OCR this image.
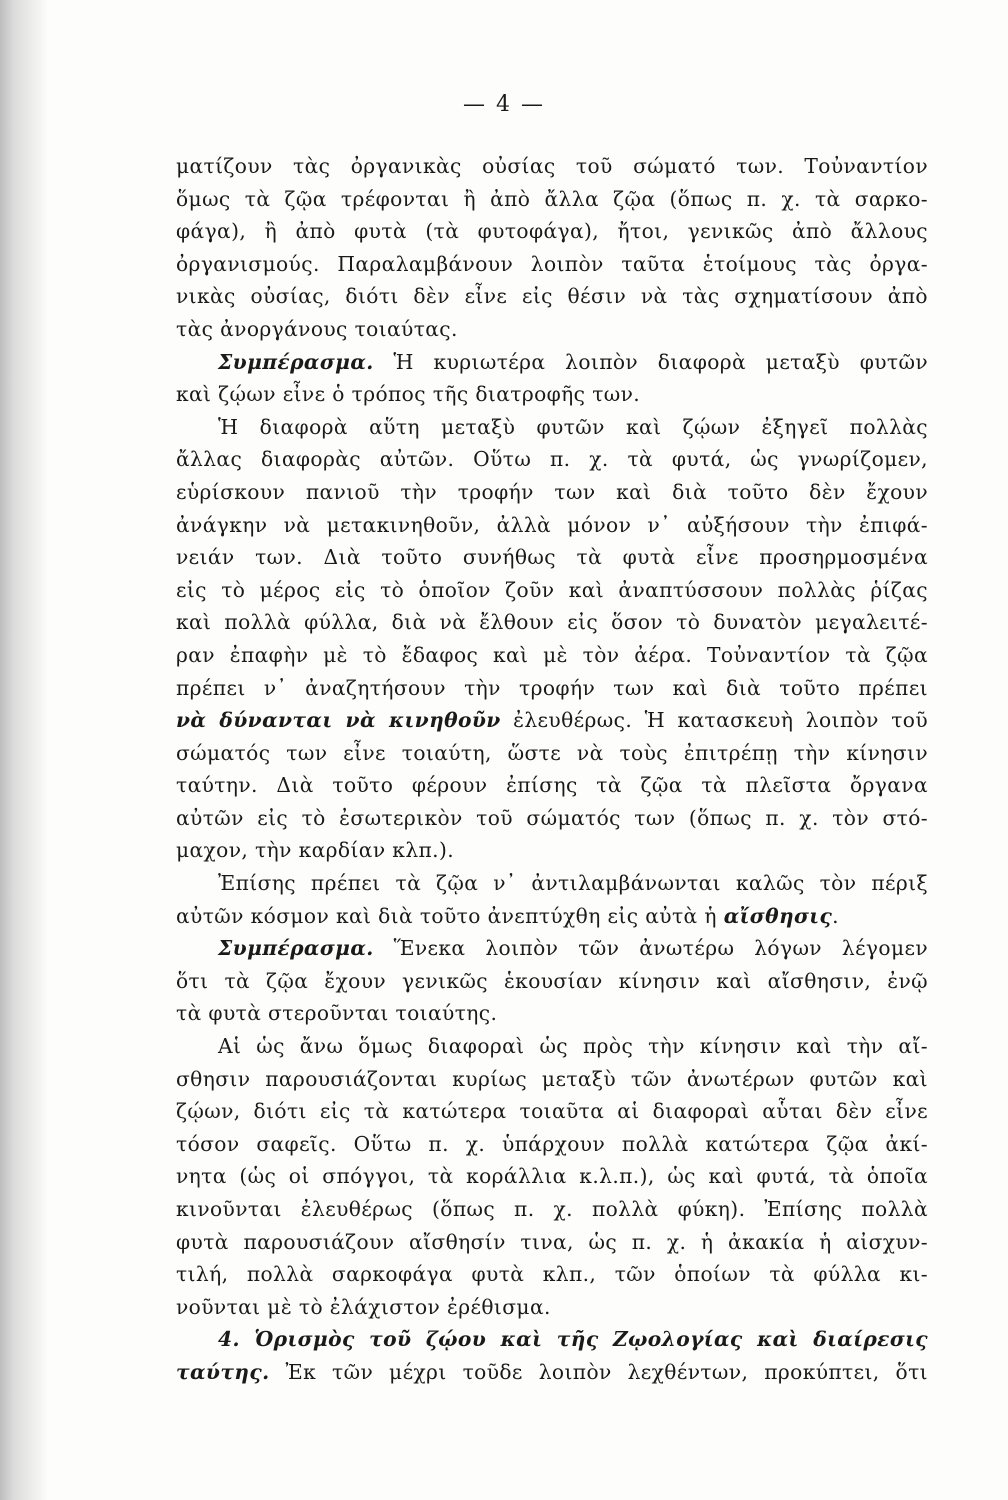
— 4 —
ματίζουν τὰς ὀργανικὰς οὐσίας τοῦ σώματό των. Τοὐναντίον
ὅμως τὰ ζῷα τρέφονται ἢ ἀπὸ ἄλλα ζῷα (ὅπως π. χ. τὰ σαρκο-
φάγα), ἢ ἀπὸ φυτὰ (τὰ φυτοφάγα), ἤτοι, γενικῶς ἀπὸ ἄλλους
ὀργανισμούς. Παραλαμβάνουν λοιπὸν ταῦτα ἑτοίμους τὰς ὀργα-
νικὰς οὐσίας, διότι δὲν εἶνε εἰς θέσιν νὰ τὰς σχηματίσουν ἀπὸ
τὰς ἀνοργάνους τοιαύτας.
Συμπέρασμα. Ἡ κυριωτέρα λοιπὸν διαφορὰ μεταξὺ φυτῶν
καὶ ζῴων εἶνε ὁ τρόπος τῆς διατροφῆς των.
Ἡ διαφορὰ αὕτη μεταξὺ φυτῶν καὶ ζῴων ἐξηγεῖ πολλὰς
ἄλλας διαφορὰς αὐτῶν. Οὕτω π. χ. τὰ φυτά, ὡς γνωρίζομεν,
εὑρίσκουν πανιοῦ τὴν τροφήν των καὶ διὰ τοῦτο δὲν ἔχουν
ἀνάγκην νὰ μετακινηθοῦν, ἀλλὰ μόνον ν᾽ αὐξήσουν τὴν ἐπιφά-
νειάν των. Διὰ τοῦτο συνήθως τὰ φυτὰ εἶνε προσηρμοσμένα
εἰς τὸ μέρος εἰς τὸ ὁποῖον ζοῦν καὶ ἀναπτύσσουν πολλὰς ῥίζας
καὶ πολλὰ φύλλα, διὰ νὰ ἔλθουν εἰς ὅσον τὸ δυνατὸν μεγαλειτέ-
ραν ἐπαφὴν μὲ τὸ ἔδαφος καὶ μὲ τὸν ἀέρα. Τοὐναντίον τὰ ζῷα
πρέπει ν᾽ ἀναζητήσουν τὴν τροφήν των καὶ διὰ τοῦτο πρέπει
νὰ δύνανται νὰ κινηθοῦν ἐλευθέρως. Ἡ κατασκευὴ λοιπὸν τοῦ
σώματός των εἶνε τοιαύτη, ὥστε νὰ τοὺς ἐπιτρέπῃ τὴν κίνησιν
ταύτην. Διὰ τοῦτο φέρουν ἐπίσης τὰ ζῷα τὰ πλεῖστα ὄργανα
αὐτῶν εἰς τὸ ἐσωτερικὸν τοῦ σώματός των (ὅπως π. χ. τὸν στό-
μαχον, τὴν καρδίαν κλπ.).
Ἐπίσης πρέπει τὰ ζῷα ν᾽ ἀντιλαμβάνωνται καλῶς τὸν πέριξ
αὐτῶν κόσμον καὶ διὰ τοῦτο ἀνεπτύχθη εἰς αὐτὰ ἡ αἴσθησις.
Συμπέρασμα. Ἕνεκα λοιπὸν τῶν ἀνωτέρω λόγων λέγομεν
ὅτι τὰ ζῷα ἔχουν γενικῶς ἑκουσίαν κίνησιν καὶ αἴσθησιν, ἐνῷ
τὰ φυτὰ στεροῦνται τοιαύτης.
Αἱ ὡς ἄνω ὅμως διαφοραὶ ὡς πρὸς τὴν κίνησιν καὶ τὴν αἴ-
σθησιν παρουσιάζονται κυρίως μεταξὺ τῶν ἀνωτέρων φυτῶν καὶ
ζῴων, διότι εἰς τὰ κατώτερα τοιαῦτα αἱ διαφοραὶ αὗται δὲν εἶνε
τόσον σαφεῖς. Οὕτω π. χ. ὑπάρχουν πολλὰ κατώτερα ζῷα ἀκί-
νητα (ὡς οἱ σπόγγοι, τὰ κοράλλια κ.λ.π.), ὡς καὶ φυτά, τὰ ὁποῖα
κινοῦνται ἐλευθέρως (ὅπως π. χ. πολλὰ φύκη). Ἐπίσης πολλὰ
φυτὰ παρουσιάζουν αἴσθησίν τινα, ὡς π. χ. ἡ ἀκακία ἡ αἰσχυν-
τιλή, πολλὰ σαρκοφάγα φυτὰ κλπ., τῶν ὁποίων τὰ φύλλα κι-
νοῦνται μὲ τὸ ἐλάχιστον ἐρέθισμα.
4. Ὁρισμὸς τοῦ ζῴου καὶ τῆς Ζῳολογίας καὶ διαίρεσις
ταύτης. Ἐκ τῶν μέχρι τοῦδε λοιπὸν λεχθέντων, προκύπτει, ὅτι
